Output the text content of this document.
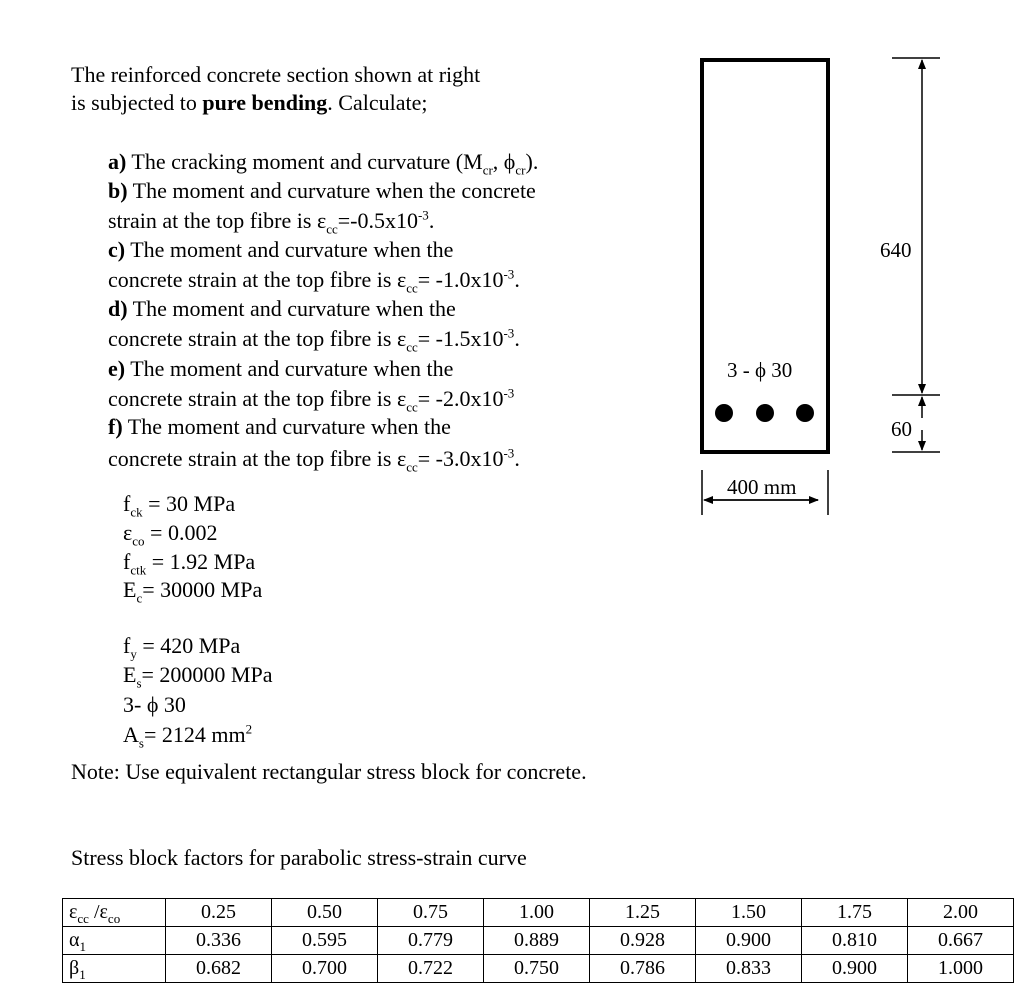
The reinforced concrete section shown at right
is subjected to pure bending. Calculate;
a) The cracking moment and curvature ($M_{cr}$, $\phi_{cr}$).
b) The moment and curvature when the concrete
strain at the top fibre is $\varepsilon_{cc}=-0.5x10^{-3}$.
c) The moment and curvature when the
concrete strain at the top fibre is $\varepsilon_{cc}= -1.0x10^{-3}$.
d) The moment and curvature when the
concrete strain at the top fibre is $\varepsilon_{cc}= -1.5x10^{-3}$.
e) The moment and curvature when the
concrete strain at the top fibre is $\varepsilon_{cc}= -2.0x10^{-3}$
f) The moment and curvature when the
concrete strain at the top fibre is $\varepsilon_{cc}= -3.0x10^{-3}$.
$f_{ck} = 30$ MPa
$\varepsilon_{co} = 0.002$
$f_{ctk} = 1.92$ MPa
$E_c= 30000$ MPa
$f_y = 420$ MPa
$E_s= 200000$ MPa
3- ϕ 30
$A_s= 2124$ $mm^2$
Note: Use equivalent rectangular stress block for concrete.
Stress block factors for parabolic stress-strain curve
$\varepsilon_{cc}$ $/\varepsilon_{co}$	0.25	0.50	0.75	1.00	1.25	1.50	1.75	2.00
$\alpha_1$	0.336	0.595	0.779	0.889	0.928	0.900	0.810	0.667
$\beta_1$	0.682	0.700	0.722	0.750	0.786	0.833	0.900	1.000
3 - ϕ 30
400 mm
640
60
